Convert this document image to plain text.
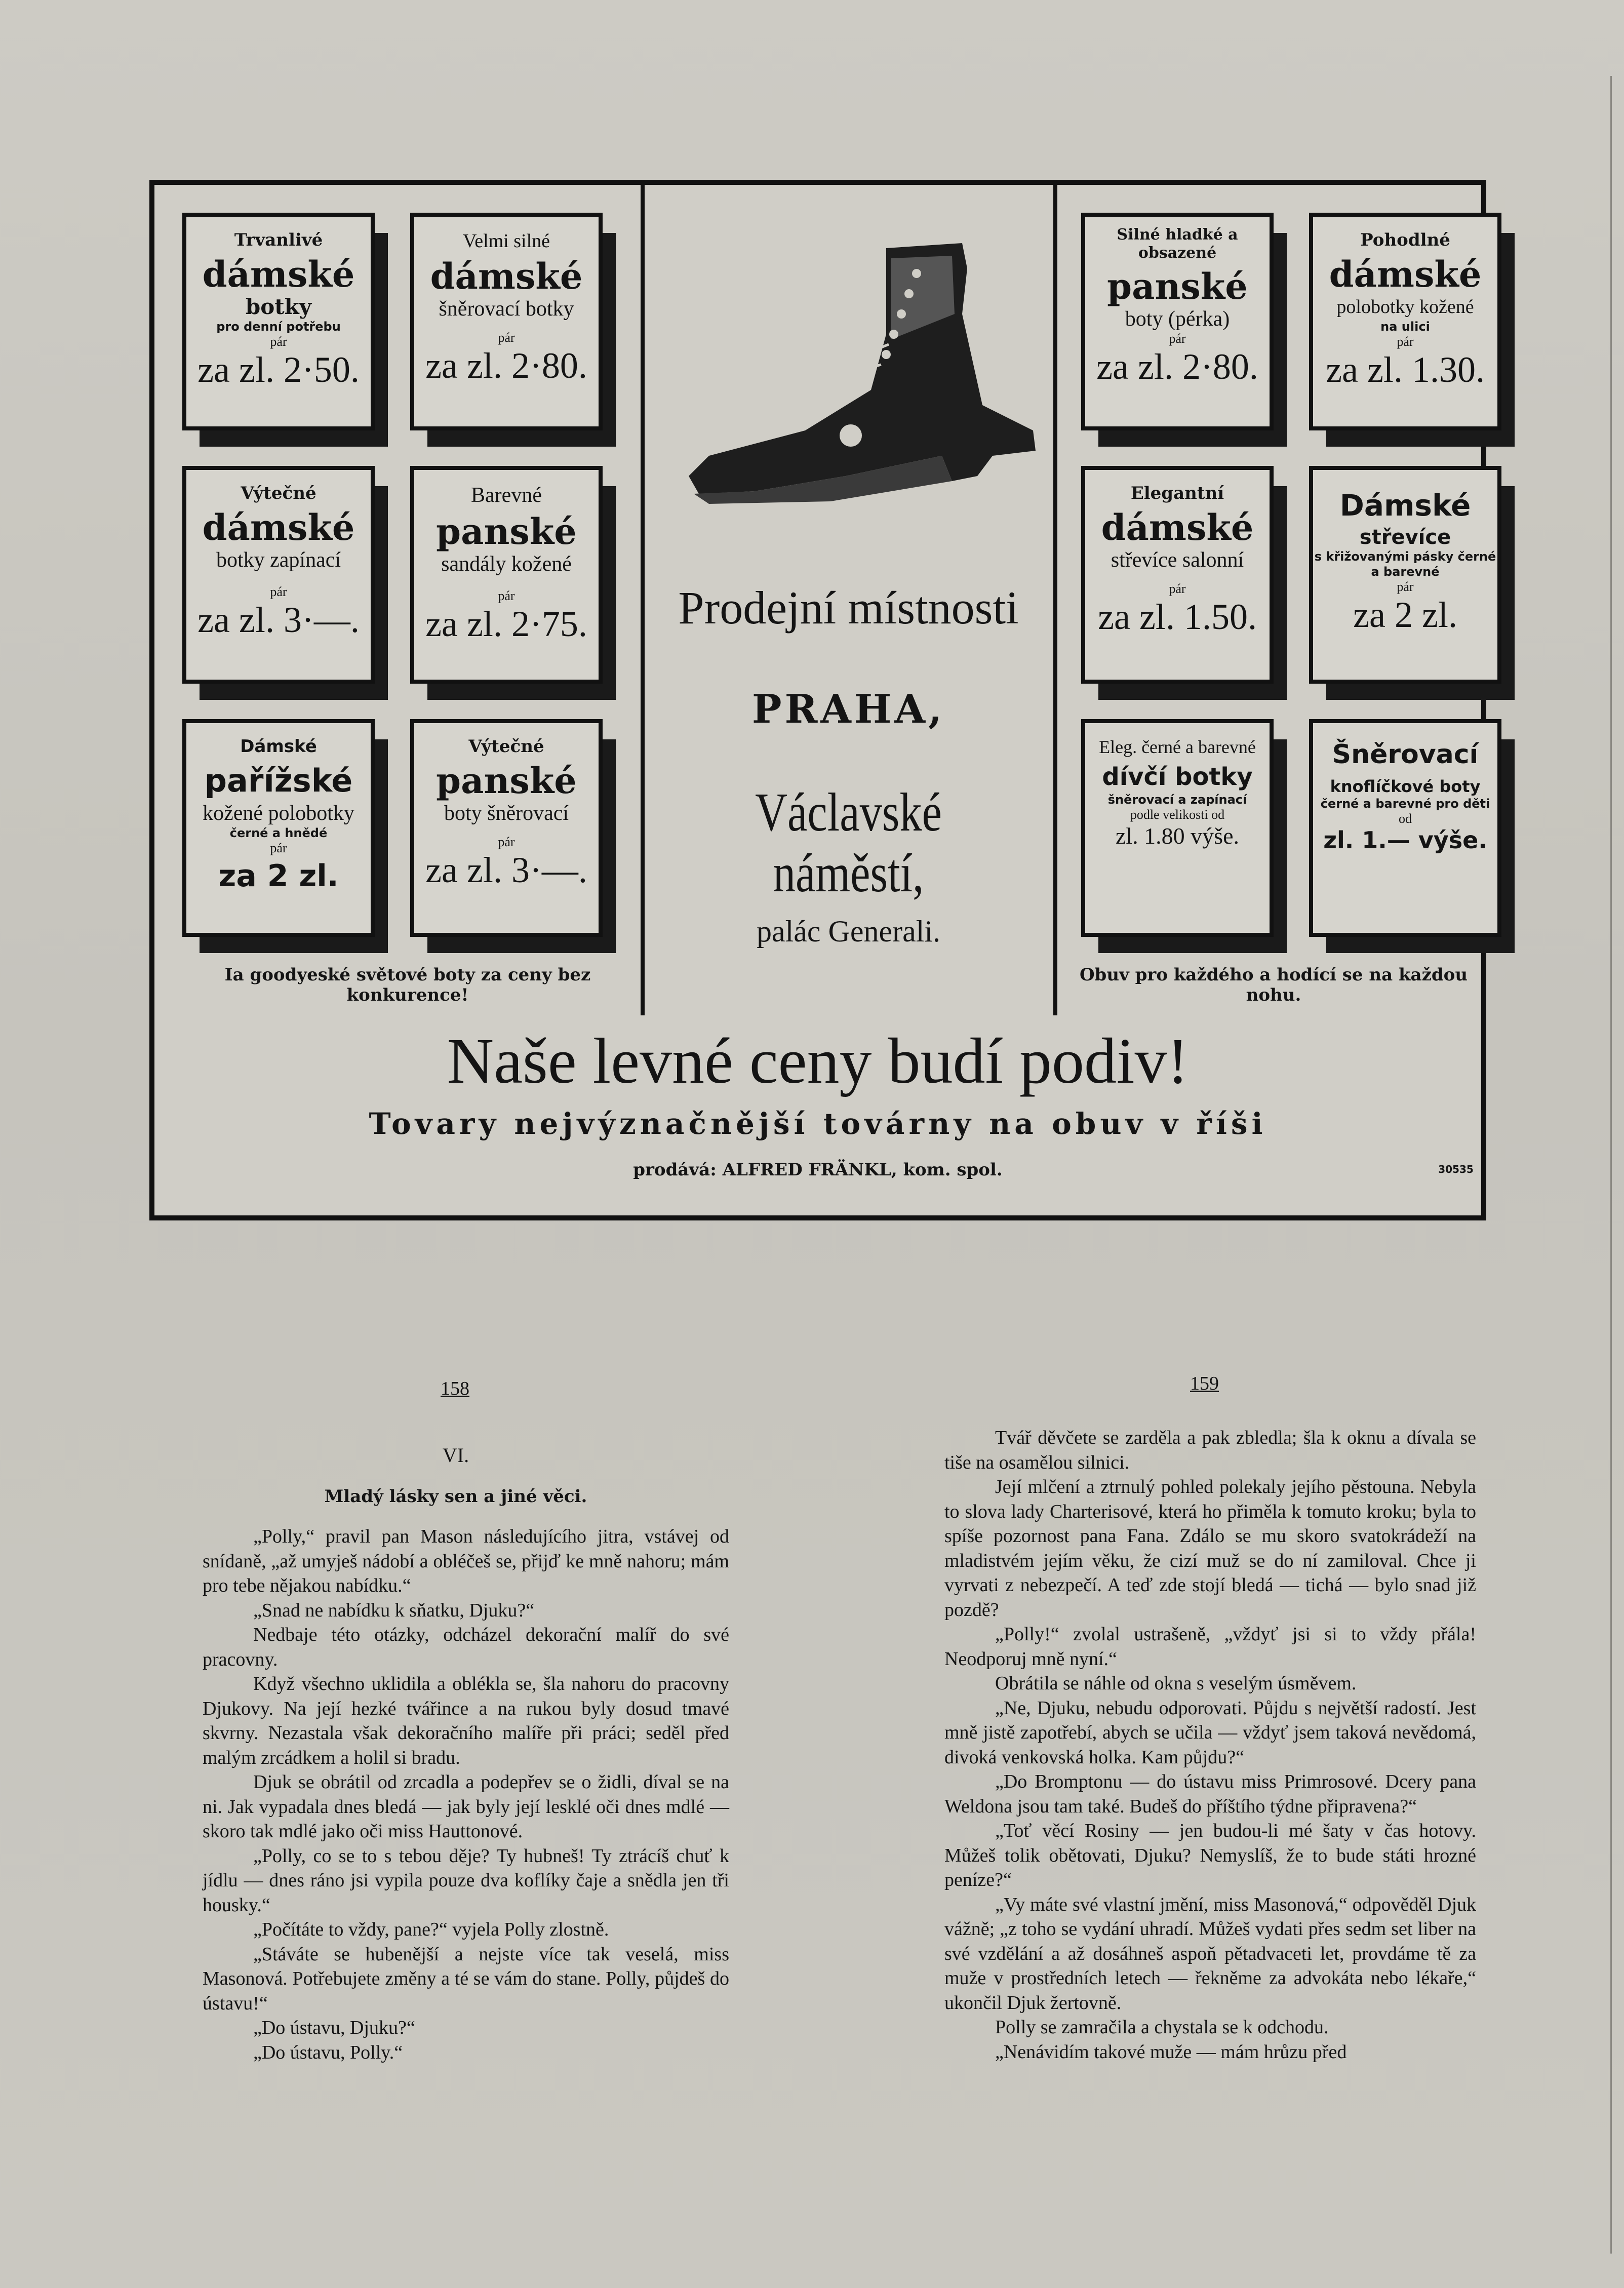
Trvanlivé
dámské
botky
pro denní potřebu
pár
za zl. 2·50.
Velmi silné
dámské
šněrovací botky
pár
za zl. 2·80.
Výtečné
dámské
botky zapínací
pár
za zl. 3·—.
Barevné
panské
sandály kožené
pár
za zl. 2·75.
Dámské
pařížské
kožené polobotky
černé a hnědé
pár
za 2 zl.
Výtečné
panské
boty šněrovací
pár
za zl. 3·—.
Silné hladké a obsazené
panské
boty (pérka)
pár
za zl. 2·80.
Pohodlné
dámské
polobotky kožené
na ulici
pár
za zl. 1.30.
Elegantní
dámské
střevíce salonní
pár
za zl. 1.50.
Dámské
střevíce
s křižovanými pásky černé a barevné
pár
za 2 zl.
Eleg. černé a barevné
dívčí botky
šněrovací a zapínací
podle velikosti od
zl. 1.80 výše.
Šněrovací
knoflíčkové boty
černé a barevné pro děti
od
zl. 1.— výše.
Prodejní místnosti
PRAHA,
Václavské náměstí,
palác Generali.
Ia goodyeské světové boty za ceny bez konkurence!
Obuv pro každého a hodící se na každou nohu.
Naše levné ceny budí podiv!
Tovary nejvýznačnější továrny na obuv v říši
prodává: ALFRED FRÄNKL, kom. spol.	30535
158
VI.
Mladý lásky sen a jiné věci.

„Polly,“ pravil pan Mason následujícího jitra, vstávej od snídaně, „až umyješ nádobí a obléčeš se, přijď ke mně nahoru; mám pro tebe nějakou nabídku.“

„Snad ne nabídku k sňatku, Djuku?“

Nedbaje této otázky, odcházel dekorační malíř do své pracovny.

Když všechno uklidila a oblékla se, šla nahoru do pracovny Djukovy. Na její hezké tvářince a na rukou byly dosud tmavé skvrny. Nezastala však dekoračního malíře při práci; seděl před malým zrcádkem a holil si bradu.

Djuk se obrátil od zrcadla a podepřev se o židli, díval se na ni. Jak vypadala dnes bledá — jak byly její lesklé oči dnes mdlé — skoro tak mdlé jako oči miss Hauttonové.

„Polly, co se to s tebou děje? Ty hubneš! Ty ztrácíš chuť k jídlu — dnes ráno jsi vypila pouze dva koflíky čaje a snědla jen tři housky.“

„Počítáte to vždy, pane?“ vyjela Polly zlostně.

„Stáváte se hubenější a nejste více tak veselá, miss Masonová. Potřebujete změny a té se vám do stane. Polly, půjdeš do ústavu!“

„Do ústavu, Djuku?“

„Do ústavu, Polly.“

159

Tvář děvčete se zarděla a pak zbledla; šla k oknu a dívala se tiše na osamělou silnici.

Její mlčení a ztrnulý pohled polekaly jejího pěstouna. Nebyla to slova lady Charterisové, která ho přiměla k tomuto kroku; byla to spíše pozornost pana Fana. Zdálo se mu skoro svatokrádeží na mladistvém jejím věku, že cizí muž se do ní zamiloval. Chce ji vyrvati z nebezpečí. A teď zde stojí bledá — tichá — bylo snad již pozdě?

„Polly!“ zvolal ustrašeně, „vždyť jsi si to vždy přála! Neodporuj mně nyní.“

Obrátila se náhle od okna s veselým úsměvem.

„Ne, Djuku, nebudu odporovati. Půjdu s největší radostí. Jest mně jistě zapotřebí, abych se učila — vždyť jsem taková nevědomá, divoká venkovská holka. Kam půjdu?“

„Do Bromptonu — do ústavu miss Primrosové. Dcery pana Weldona jsou tam také. Budeš do příštího týdne připravena?“

„Toť věcí Rosiny — jen budou-li mé šaty v čas hotovy. Můžeš tolik obětovati, Djuku? Nemyslíš, že to bude státi hrozné peníze?“

„Vy máte své vlastní jmění, miss Masonová,“ odpověděl Djuk vážně; „z toho se vydání uhradí. Můžeš vydati přes sedm set liber na své vzdělání a až dosáhneš aspoň pětadvaceti let, provdáme tě za muže v prostředních letech — řekněme za advokáta nebo lékaře,“ ukončil Djuk žertovně.

Polly se zamračila a chystala se k odchodu.

„Nenávidím takové muže — mám hrůzu před
